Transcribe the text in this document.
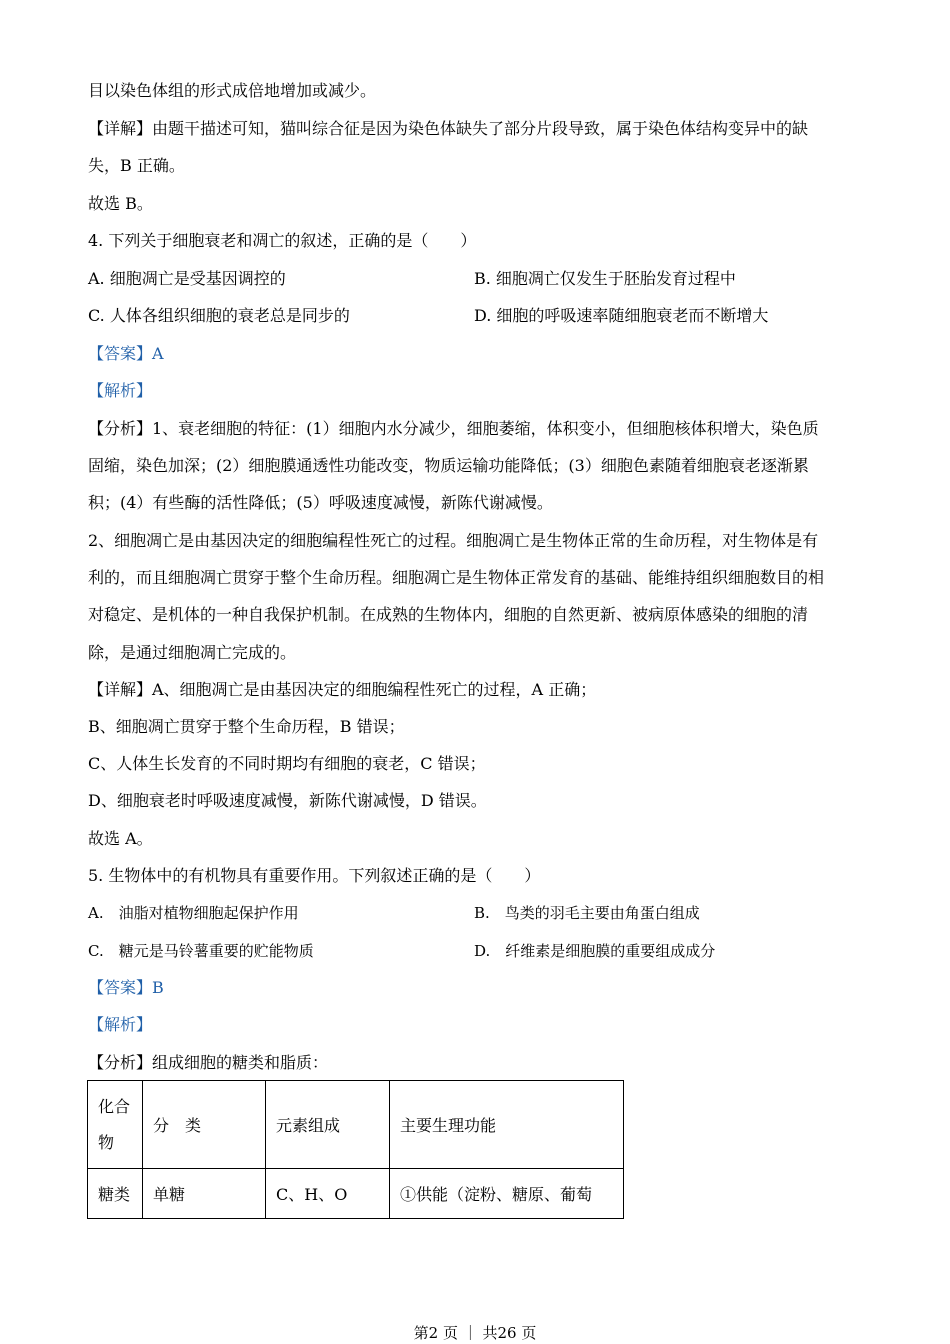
目以染色体组的形式成倍地增加或减少。
【详解】由题干描述可知，猫叫综合征是因为染色体缺失了部分片段导致，属于染色体结构变异中的缺
失，B 正确。
故选 B。
4. 下列关于细胞衰老和凋亡的叙述，正确的是（　　）
A. 细胞凋亡是受基因调控的	B. 细胞凋亡仅发生于胚胎发育过程中
C. 人体各组织细胞的衰老总是同步的	D. 细胞的呼吸速率随细胞衰老而不断增大
【答案】A
【解析】
【分析】1、衰老细胞的特征：(1）细胞内水分减少，细胞萎缩，体积变小，但细胞核体积增大，染色质
固缩，染色加深；(2）细胞膜通透性功能改变，物质运输功能降低；(3）细胞色素随着细胞衰老逐渐累
积；(4）有些酶的活性降低；(5）呼吸速度减慢，新陈代谢减慢。
2、细胞凋亡是由基因决定的细胞编程性死亡的过程。细胞凋亡是生物体正常的生命历程，对生物体是有
利的，而且细胞凋亡贯穿于整个生命历程。细胞凋亡是生物体正常发育的基础、能维持组织细胞数目的相
对稳定、是机体的一种自我保护机制。在成熟的生物体内，细胞的自然更新、被病原体感染的细胞的清
除，是通过细胞凋亡完成的。
【详解】A、细胞凋亡是由基因决定的细胞编程性死亡的过程，A 正确；
B、细胞凋亡贯穿于整个生命历程，B 错误；
C、人体生长发育的不同时期均有细胞的衰老，C 错误；
D、细胞衰老时呼吸速度减慢，新陈代谢减慢，D 错误。
故选 A。
5. 生物体中的有机物具有重要作用。下列叙述正确的是（　　）
A.　油脂对植物细胞起保护作用	B.　鸟类的羽毛主要由角蛋白组成
C.　糖元是马铃薯重要的贮能物质	D.　纤维素是细胞膜的重要组成成分
【答案】B
【解析】
【分析】组成细胞的糖类和脂质：
化合
物	分　类	元素组成	主要生理功能
糖类	单糖	C、H、O	①供能（淀粉、糖原、葡萄
第2 页 ｜ 共26 页
